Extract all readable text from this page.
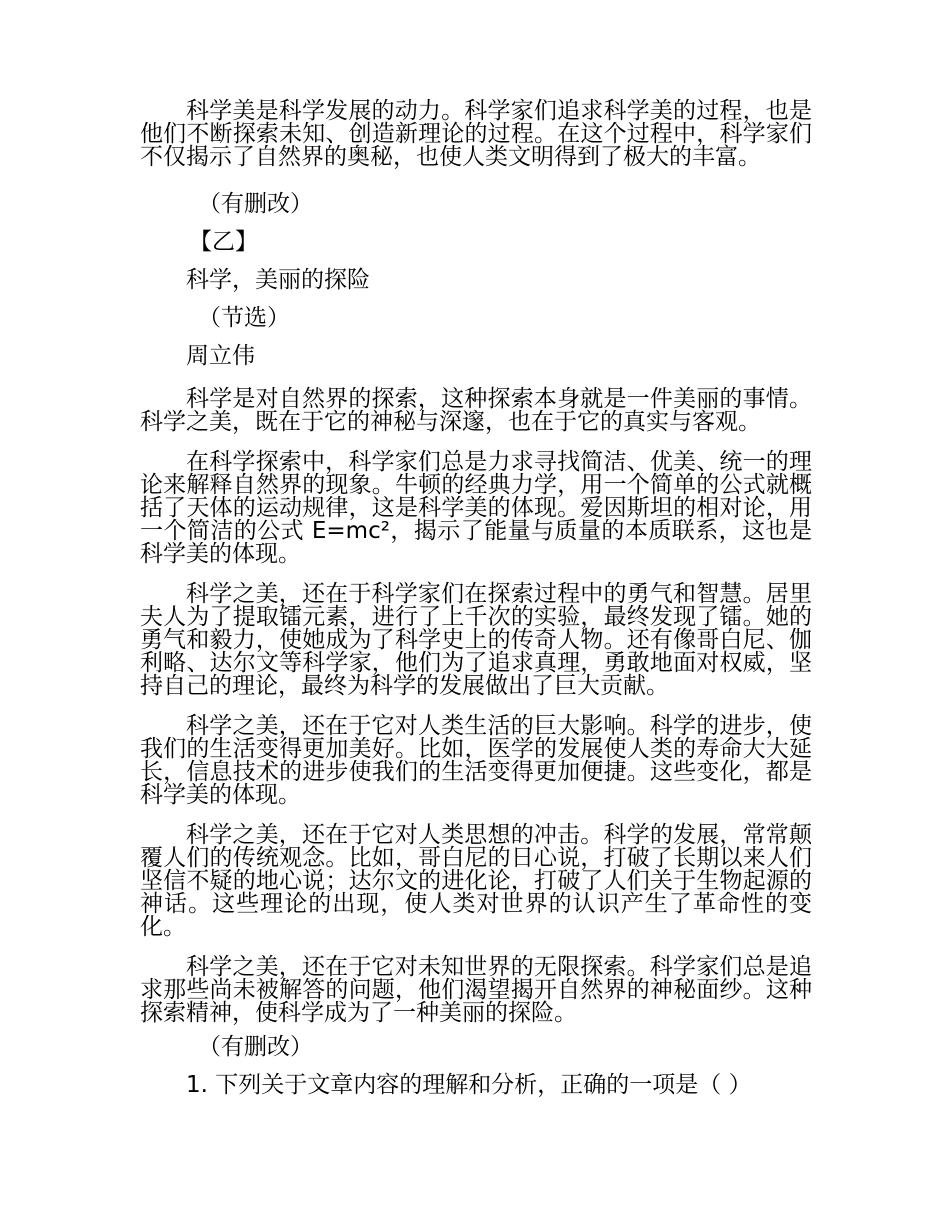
科学美是科学发展的动力。科学家们追求科学美的过程，也是他们不断探索未知、创造新理论的过程。在这个过程中，科学家们不仅揭示了自然界的奥秘，也使人类文明得到了极大的丰富。

（有删改）

【乙】

科学，美丽的探险

（节选）

周立伟

科学是对自然界的探索，这种探索本身就是一件美丽的事情。科学之美，既在于它的神秘与深邃，也在于它的真实与客观。

在科学探索中，科学家们总是力求寻找简洁、优美、统一的理论来解释自然界的现象。牛顿的经典力学，用一个简单的公式就概括了天体的运动规律，这是科学美的体现。爱因斯坦的相对论，用一个简洁的公式 E=mc²，揭示了能量与质量的本质联系，这也是科学美的体现。

科学之美，还在于科学家们在探索过程中的勇气和智慧。居里夫人为了提取镭元素，进行了上千次的实验，最终发现了镭。她的勇气和毅力，使她成为了科学史上的传奇人物。还有像哥白尼、伽利略、达尔文等科学家，他们为了追求真理，勇敢地面对权威，坚持自己的理论，最终为科学的发展做出了巨大贡献。

科学之美，还在于它对人类生活的巨大影响。科学的进步，使我们的生活变得更加美好。比如，医学的发展使人类的寿命大大延长，信息技术的进步使我们的生活变得更加便捷。这些变化，都是科学美的体现。

科学之美，还在于它对人类思想的冲击。科学的发展，常常颠覆人们的传统观念。比如，哥白尼的日心说，打破了长期以来人们坚信不疑的地心说；达尔文的进化论，打破了人们关于生物起源的神话。这些理论的出现，使人类对世界的认识产生了革命性的变化。

科学之美，还在于它对未知世界的无限探索。科学家们总是追求那些尚未被解答的问题，他们渴望揭开自然界的神秘面纱。这种探索精神，使科学成为了一种美丽的探险。

（有删改）

1. 下列关于文章内容的理解和分析，正确的一项是（ ）
